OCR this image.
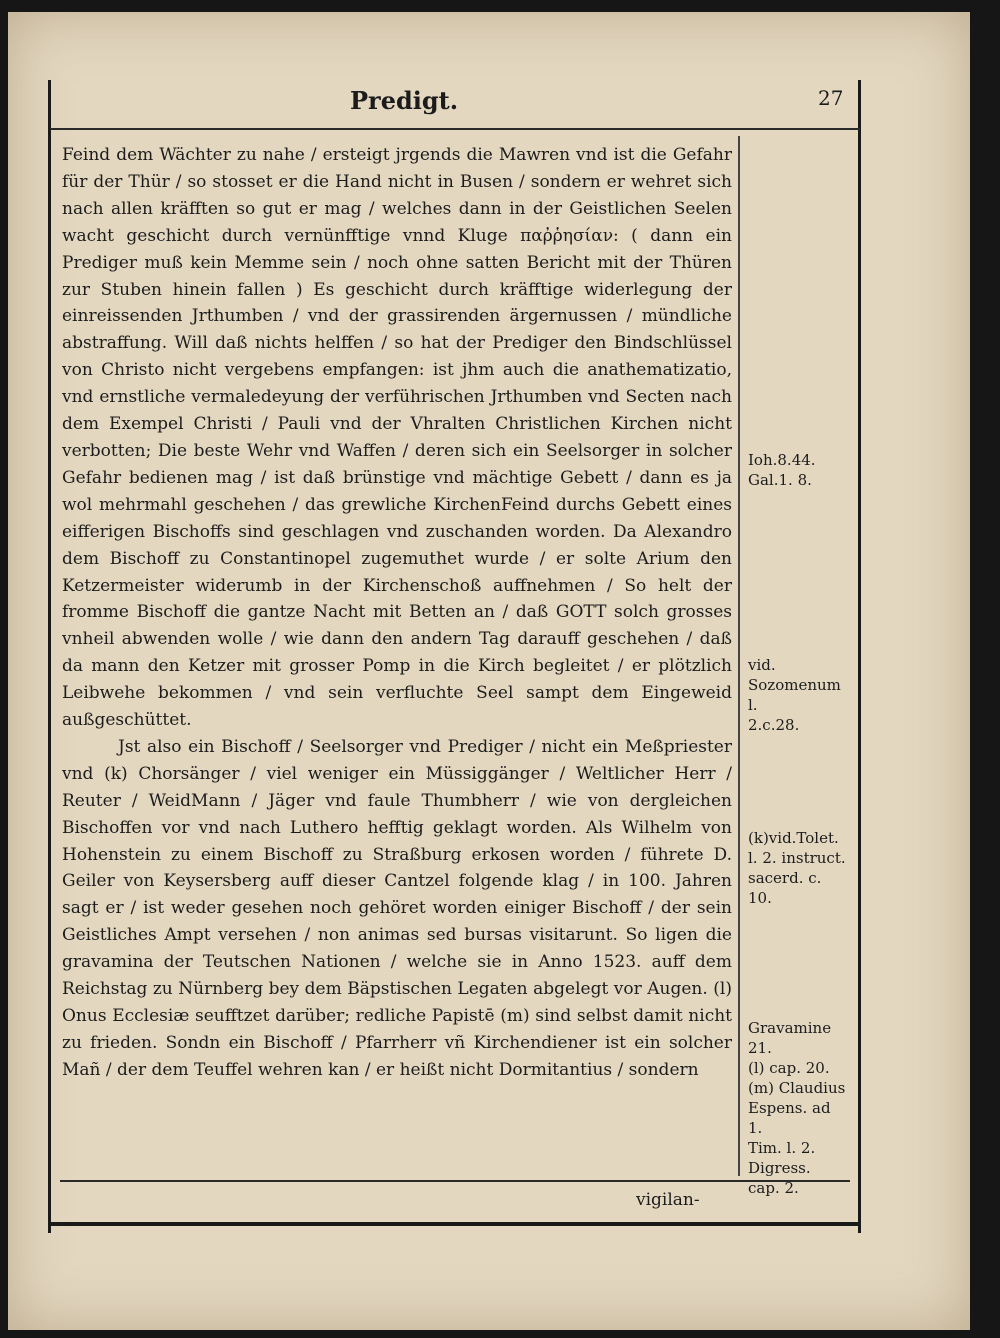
Predigt.	27

Feind dem Wächter zu nahe / ersteigt jrgends die Mawren vnd ist die Gefahr für der Thür / so stosset er die Hand nicht in Busen / sondern er wehret sich nach allen kräfften so gut er mag / welches dann in der Geistlichen Seelen wacht geschicht durch vernünfftige vnnd Kluge παῤῥησίαν: ( dann ein Prediger muß kein Memme sein / noch ohne satten Bericht mit der Thüren zur Stuben hinein fallen ) Es geschicht durch kräfftige widerlegung der einreissenden Jrthumben / vnd der grassirenden ärgernussen / mündliche abstraffung. Will daß nichts helffen / so hat der Prediger den Bindschlüssel von Christo nicht vergebens empfangen: ist jhm auch die anathematizatio, vnd ernstliche vermaledeyung der verführischen Jrthumben vnd Secten nach dem Exempel Christi / Pauli vnd der Vhralten Christlichen Kirchen nicht verbotten; Die beste Wehr vnd Waffen / deren sich ein Seelsorger in solcher Gefahr bedienen mag / ist daß brünstige vnd mächtige Gebett / dann es ja wol mehrmahl geschehen / das grewliche KirchenFeind durchs Gebett eines eifferigen Bischoffs sind geschlagen vnd zuschanden worden. Da Alexandro dem Bischoff zu Constantinopel zugemuthet wurde / er solte Arium den Ketzermeister widerumb in der Kirchenschoß auffnehmen / So helt der fromme Bischoff die gantze Nacht mit Betten an / daß GOTT solch grosses vnheil abwenden wolle / wie dann den andern Tag darauff geschehen / daß da mann den Ketzer mit grosser Pomp in die Kirch begleitet / er plötzlich Leibwehe bekommen / vnd sein verfluchte Seel sampt dem Eingeweid außgeschüttet.

Jst also ein Bischoff / Seelsorger vnd Prediger / nicht ein Meßpriester vnd (k) Chorsänger / viel weniger ein Müssiggänger / Weltlicher Herr / Reuter / WeidMann / Jäger vnd faule Thumbherr / wie von dergleichen Bischoffen vor vnd nach Luthero hefftig geklagt worden. Als Wilhelm von Hohenstein zu einem Bischoff zu Straßburg erkosen worden / führete D. Geiler von Keysersberg auff dieser Cantzel folgende klag / in 100. Jahren sagt er / ist weder gesehen noch gehöret worden einiger Bischoff / der sein Geistliches Ampt versehen / non animas sed bursas visitarunt. So ligen die gravamina der Teutschen Nationen / welche sie in Anno 1523. auff dem Reichstag zu Nürnberg bey dem Bäpstischen Legaten abgelegt vor Augen. (l) Onus Ecclesiæ seufftzet darüber; redliche Papistē (m) sind selbst damit nicht zu frieden. Sondn ein Bischoff / Pfarrherr vñ Kirchendiener ist ein solcher Mañ / der dem Teuffel wehren kan / er heißt nicht Dormitantius / sondern

vigilan-
Ioh.8.44.
Gal.1. 8.
vid. Sozomenum l.
2.c.28.
(k)vid.Tolet. l. 2. instruct. sacerd. c. 10.
Gravamine 21.
(l) cap. 20.
(m) Claudius Espens. ad 1.
Tim. l. 2.
Digress.
cap. 2.
